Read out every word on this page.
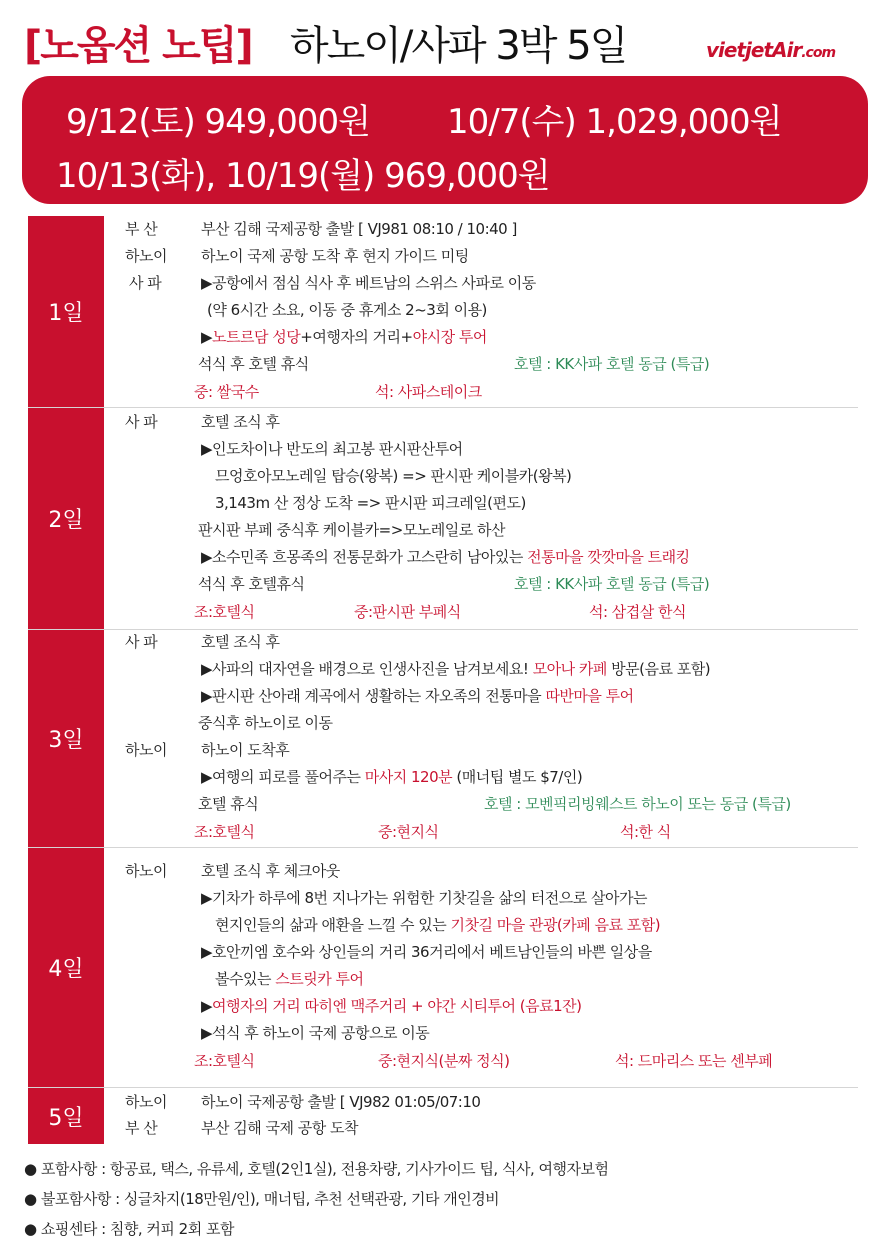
[노옵션 노팁] 하노이/사파 3박 5일	vietjetAir.com
9/12(토) 949,000원 10/7(수) 1,029,000원
10/13(화), 10/19(월) 969,000원
1일
부 산	부산 김해 국제공항 출발 [ VJ981 08:10 / 10:40 ]
하노이 하노이 국제 공항 도착 후 현지 가이드 미팅
사 파	▶공항에서 점심 식사 후 베트남의 스위스 사파로 이동
(약 6시간 소요, 이동 중 휴게소 2~3회 이용)
▶노트르담 성당+여행자의 거리+야시장 투어
석식 후 호텔 휴식	호텔 : KK사파 호텔 동급 (특급)
중: 쌀국수	석: 사파스테이크
2일
사 파	호텔 조식 후
▶인도차이나 반도의 최고봉 판시판산투어
므엉호아모노레일 탑승(왕복) => 판시판 케이블카(왕복)
3,143m 산 정상 도착 => 판시판 피크레일(편도)
판시판 부페 중식후 케이블카=>모노레일로 하산
▶소수민족 흐몽족의 전통문화가 고스란히 남아있는 전통마을 깟깟마을 트래킹
석식 후 호텔휴식	호텔 : KK사파 호텔 동급 (특급)
조:호텔식	중:판시판 부페식	석: 삼겹살 한식
3일
사 파	호텔 조식 후
▶사파의 대자연을 배경으로 인생사진을 남겨보세요! 모아나 카페 방문(음료 포함)
▶판시판 산아래 계곡에서 생활하는 자오족의 전통마을 따반마을 투어
중식후 하노이로 이동
하노이 하노이 도착후
▶여행의 피로를 풀어주는 마사지 120분 (매너팁 별도 $7/인)
호텔 휴식	호텔 : 모벤픽리빙웨스트 하노이 또는 동급 (특급)
조:호텔식	중:현지식	석:한 식
4일
하노이 호텔 조식 후 체크아웃
▶기차가 하루에 8번 지나가는 위험한 기찻길을 삶의 터전으로 살아가는
현지인들의 삶과 애환을 느낄 수 있는 기찻길 마을 관광(카페 음료 포함)
▶호안끼엠 호수와 상인들의 거리 36거리에서 베트남인들의 바쁜 일상을
볼수있는 스트릿카 투어
▶여행자의 거리 따히엔 맥주거리 + 야간 시티투어 (음료1잔)
▶석식 후 하노이 국제 공항으로 이동
조:호텔식	중:현지식(분짜 정식)	석: 드마리스 또는 센부페
5일
하노이 하노이 국제공항 출발 [ VJ982 01:05/07:10
부 산	부산 김해 국제 공항 도착
● 포함사항 : 항공료, 택스, 유류세, 호텔(2인1실), 전용차량, 기사가이드 팁, 식사, 여행자보험
● 불포함사항 : 싱글차지(18만원/인), 매너팁, 추천 선택관광, 기타 개인경비
● 쇼핑센타 : 침향, 커피 2회 포함
